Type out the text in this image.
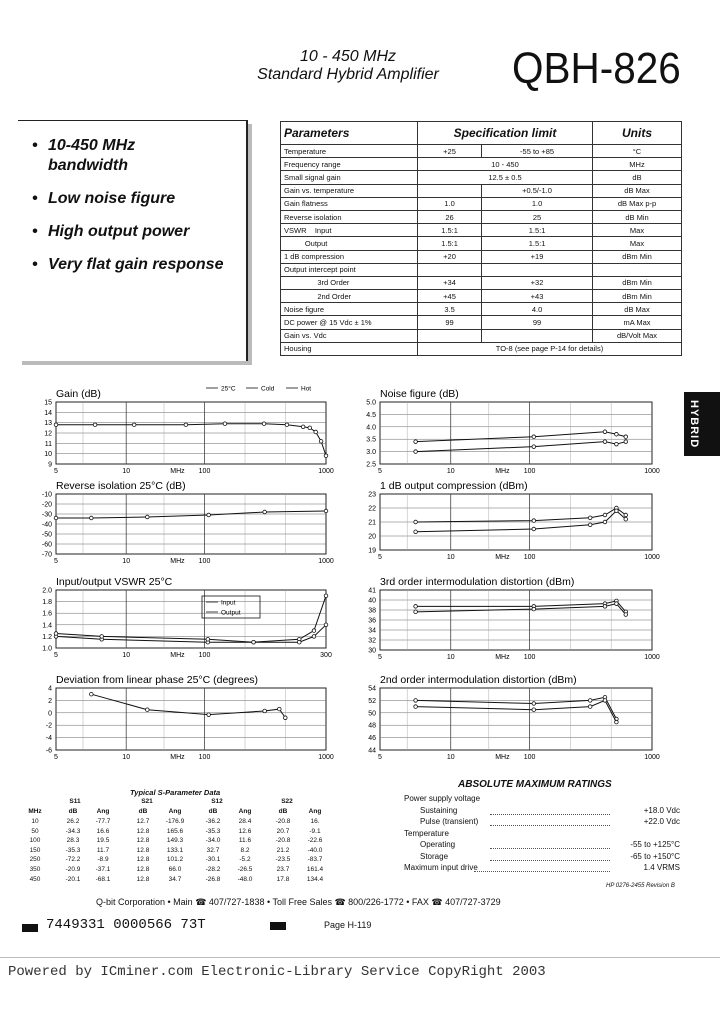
10 - 450 MHz
Standard Hybrid Amplifier	QBH-826
• 10-450 MHz
bandwidth
• Low noise figure
• High output power
• Very flat gain response
Parameters	Specification limit		Units
Temperature	+25	-55 to +85	°C
Frequency range	10 - 450		MHz
Small signal gain	12.5 ± 0.5		dB
Gain vs. temperature		+0.5/-1.0	dB Max
Gain flatness	1.0	1.0	dB Max p-p
Reverse isolation	26	25	dB Min
VSWR    Input	1.5:1	1.5:1	Max
Output	1.5:1	1.5:1	Max
1 dB compression	+20	+19	dBm Min
Output intercept point			
3rd Order	+34	+32	dBm Min
2nd Order	+45	+43	dBm Min
Noise figure	3.5	4.0	dB Max
DC power @ 15 Vdc ± 1%	99	99	mA Max
Gain vs. Vdc			dB/Volt Max
Housing	TO-8 (see page P-14 for details)		
HYBRID
Gain (dB)
15
14
13
12
11
10
9
5	10	MHz 100	1000
25°C	Cold	Hot	Noise figure (dB)
5.0
4.5
4.0
3.5
3.0
2.5
5	10	MHz 100	1000
Reverse isolation 25°C (dB)
-10
-20
-30
-40
-50
-60
-70
5	10	MHz 100	1000
1 dB output compression (dBm)
23
22
21
20
19
5	10	MHz 100	1000
Input/output VSWR 25°C
2.0
1.8
1.6
1.4
1.2
1.0
5	10	MHz 100	300
Input
Output
3rd order intermodulation distortion (dBm)
41
40
38
36
34
32
30
5	10	MHz 100	1000
Deviation from linear phase 25°C (degrees)
4
2
0
-2
-4
-6
5	10	MHz 100	1000
2nd order intermodulation distortion (dBm)
54
52
50
48
46
44
5	10	MHz 100	1000
Typical S-Parameter Data
S11	S21	S12	S22
MHz	dB	Ang	dB	Ang	dB	Ang	dB	Ang
10	26.2	-77.7	12.7	-176.9	-36.2	28.4	-20.8	16.
50	-34.3	16.6	12.8	165.6	-35.3	12.6	20.7	-9.1
100	28.3	19.5	12.8	149.3	-34.0	11.6	-20.8	-22.6
150	-35.3	11.7	12.8	133.1	32.7	8.2	21.2	-40.0
250	-72.2	-8.9	12.8	101.2	-30.1	-5.2	-23.5	-83.7
350	-20.9	-37.1	12.8	66.0	-28.2	-26.5	23.7	161.4
450	-20.1	-68.1	12.8	34.7	-26.8	-48.0	17.8	134.4
ABSOLUTE MAXIMUM RATINGS
Power supply voltage
Sustaining	+18.0 Vdc
Pulse (transient)	+22.0 Vdc
Temperature
Operating	-55 to +125°C
Storage	-65 to +150°C
Maximum input drive	1.4 VRMS
HP 0276-2455 Revision B
Q-bit Corporation • Main ☎ 407/727-1838 • Toll Free Sales ☎ 800/226-1772 • FAX ☎ 407/727-3729
7449331 0000566 73T	Page H-119
Powered by ICminer.com Electronic-Library Service CopyRight 2003
